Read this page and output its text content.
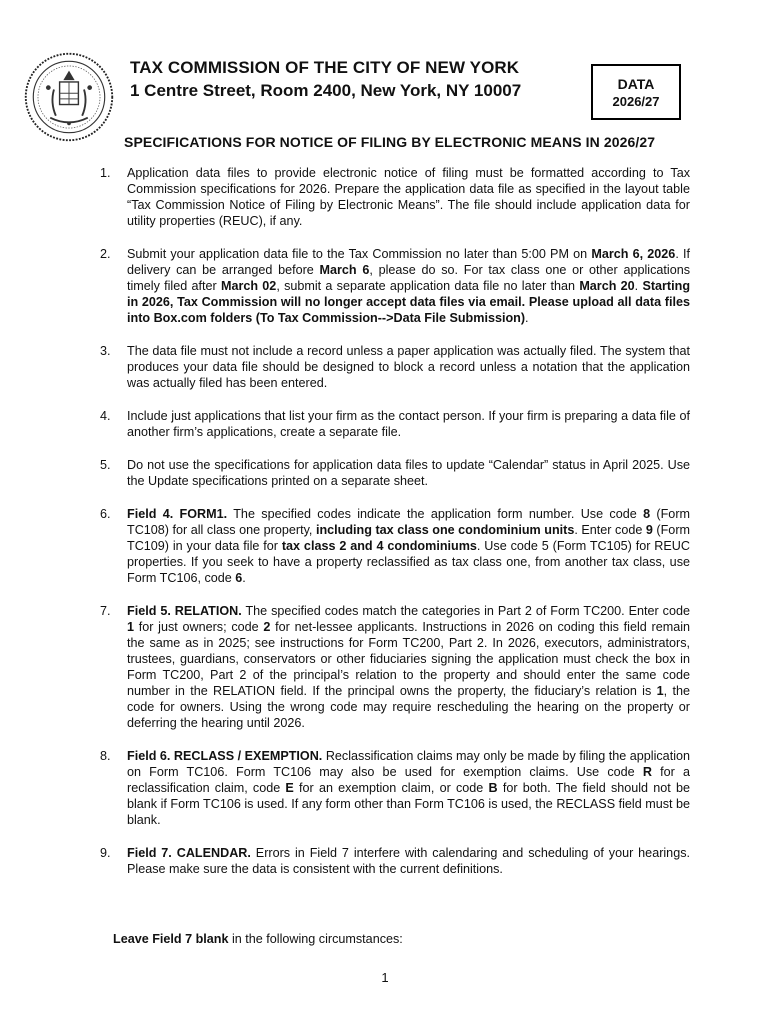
TAX COMMISSION OF THE CITY OF NEW YORK
1 Centre Street, Room 2400, New York, NY 10007	DATA
2026/27
SPECIFICATIONS FOR NOTICE OF FILING BY ELECTRONIC MEANS IN 2026/27
1.	Application data files to provide electronic notice of filing must be formatted according to Tax Commission specifications for 2026. Prepare the application data file as specified in the layout table “Tax Commission Notice of Filing by Electronic Means”. The file should include application data for utility properties (REUC), if any.
2.	Submit your application data file to the Tax Commission no later than 5:00 PM on March 6, 2026. If delivery can be arranged before March 6, please do so. For tax class one or other applications timely filed after March 02, submit a separate application data file no later than March 20. Starting in 2026, Tax Commission will no longer accept data files via email. Please upload all data files into Box.com folders (To Tax Commission-->Data File Submission).
3.	The data file must not include a record unless a paper application was actually filed. The system that produces your data file should be designed to block a record unless a notation that the application was actually filed has been entered.
4.	Include just applications that list your firm as the contact person. If your firm is preparing a data file of another firm’s applications, create a separate file.
5.	Do not use the specifications for application data files to update “Calendar” status in April 2025. Use the Update specifications printed on a separate sheet.
6.	Field 4. FORM1. The specified codes indicate the application form number. Use code 8 (Form TC108) for all class one property, including tax class one condominium units. Enter code 9 (Form TC109) in your data file for tax class 2 and 4 condominiums. Use code 5 (Form TC105) for REUC properties. If you seek to have a property reclassified as tax class one, from another tax class, use Form TC106, code 6.
7.	Field 5. RELATION. The specified codes match the categories in Part 2 of Form TC200. Enter code 1 for just owners; code 2 for net-lessee applicants. Instructions in 2026 on coding this field remain the same as in 2025; see instructions for Form TC200, Part 2. In 2026, executors, administrators, trustees, guardians, conservators or other fiduciaries signing the application must check the box in Form TC200, Part 2 of the principal’s relation to the property and should enter the same code number in the RELATION field. If the principal owns the property, the fiduciary’s relation is 1, the code for owners. Using the wrong code may require rescheduling the hearing on the property or deferring the hearing until 2026.
8.	Field 6. RECLASS / EXEMPTION. Reclassification claims may only be made by filing the application on Form TC106. Form TC106 may also be used for exemption claims. Use code R for a reclassification claim, code E for an exemption claim, or code B for both. The field should not be blank if Form TC106 is used. If any form other than Form TC106 is used, the RECLASS field must be blank.
9.	Field 7. CALENDAR. Errors in Field 7 interfere with calendaring and scheduling of your hearings. Please make sure the data is consistent with the current definitions.
Leave Field 7 blank in the following circumstances:
1
